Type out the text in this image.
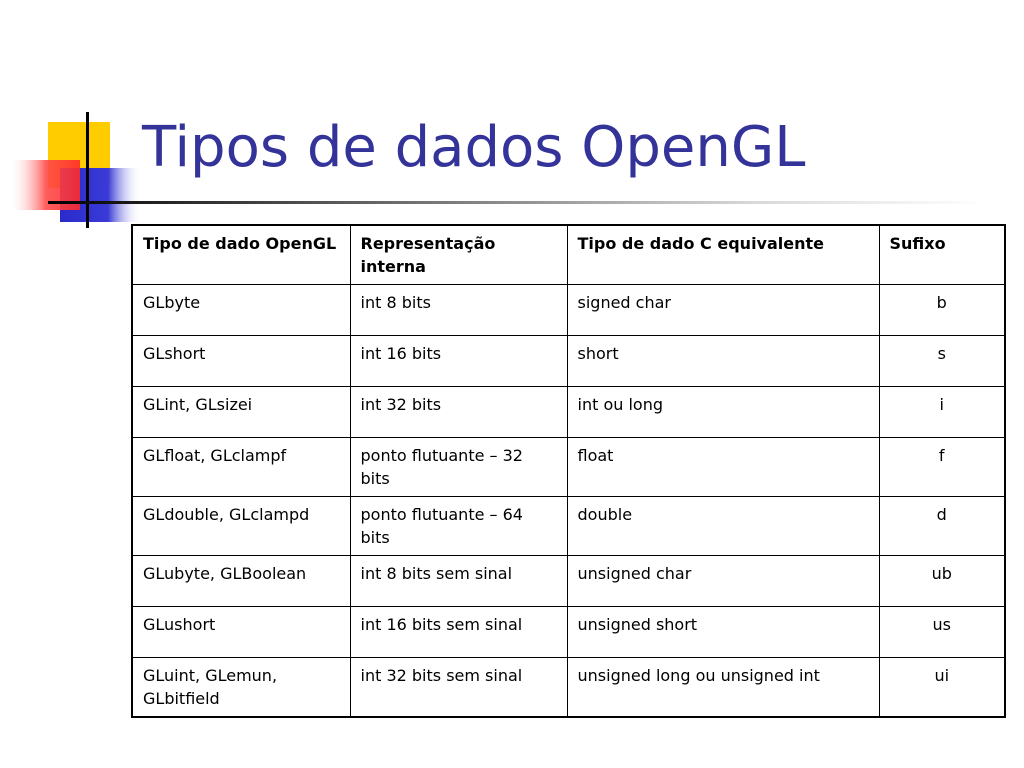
Tipos de dados OpenGL
Tipo de dado OpenGL	Representação interna	Tipo de dado C equivalente	Sufixo
GLbyte	int 8 bits	signed char	b
GLshort	int 16 bits	short	s
GLint, GLsizei	int 32 bits	int ou long	i
GLfloat, GLclampf	ponto flutuante – 32 bits	float	f
GLdouble, GLclampd	ponto flutuante – 64 bits	double	d
GLubyte, GLBoolean	int 8 bits sem sinal	unsigned char	ub
GLushort	int 16 bits sem sinal	unsigned short	us
GLuint, GLemun, GLbitfield	int 32 bits sem sinal	unsigned long ou unsigned int	ui
